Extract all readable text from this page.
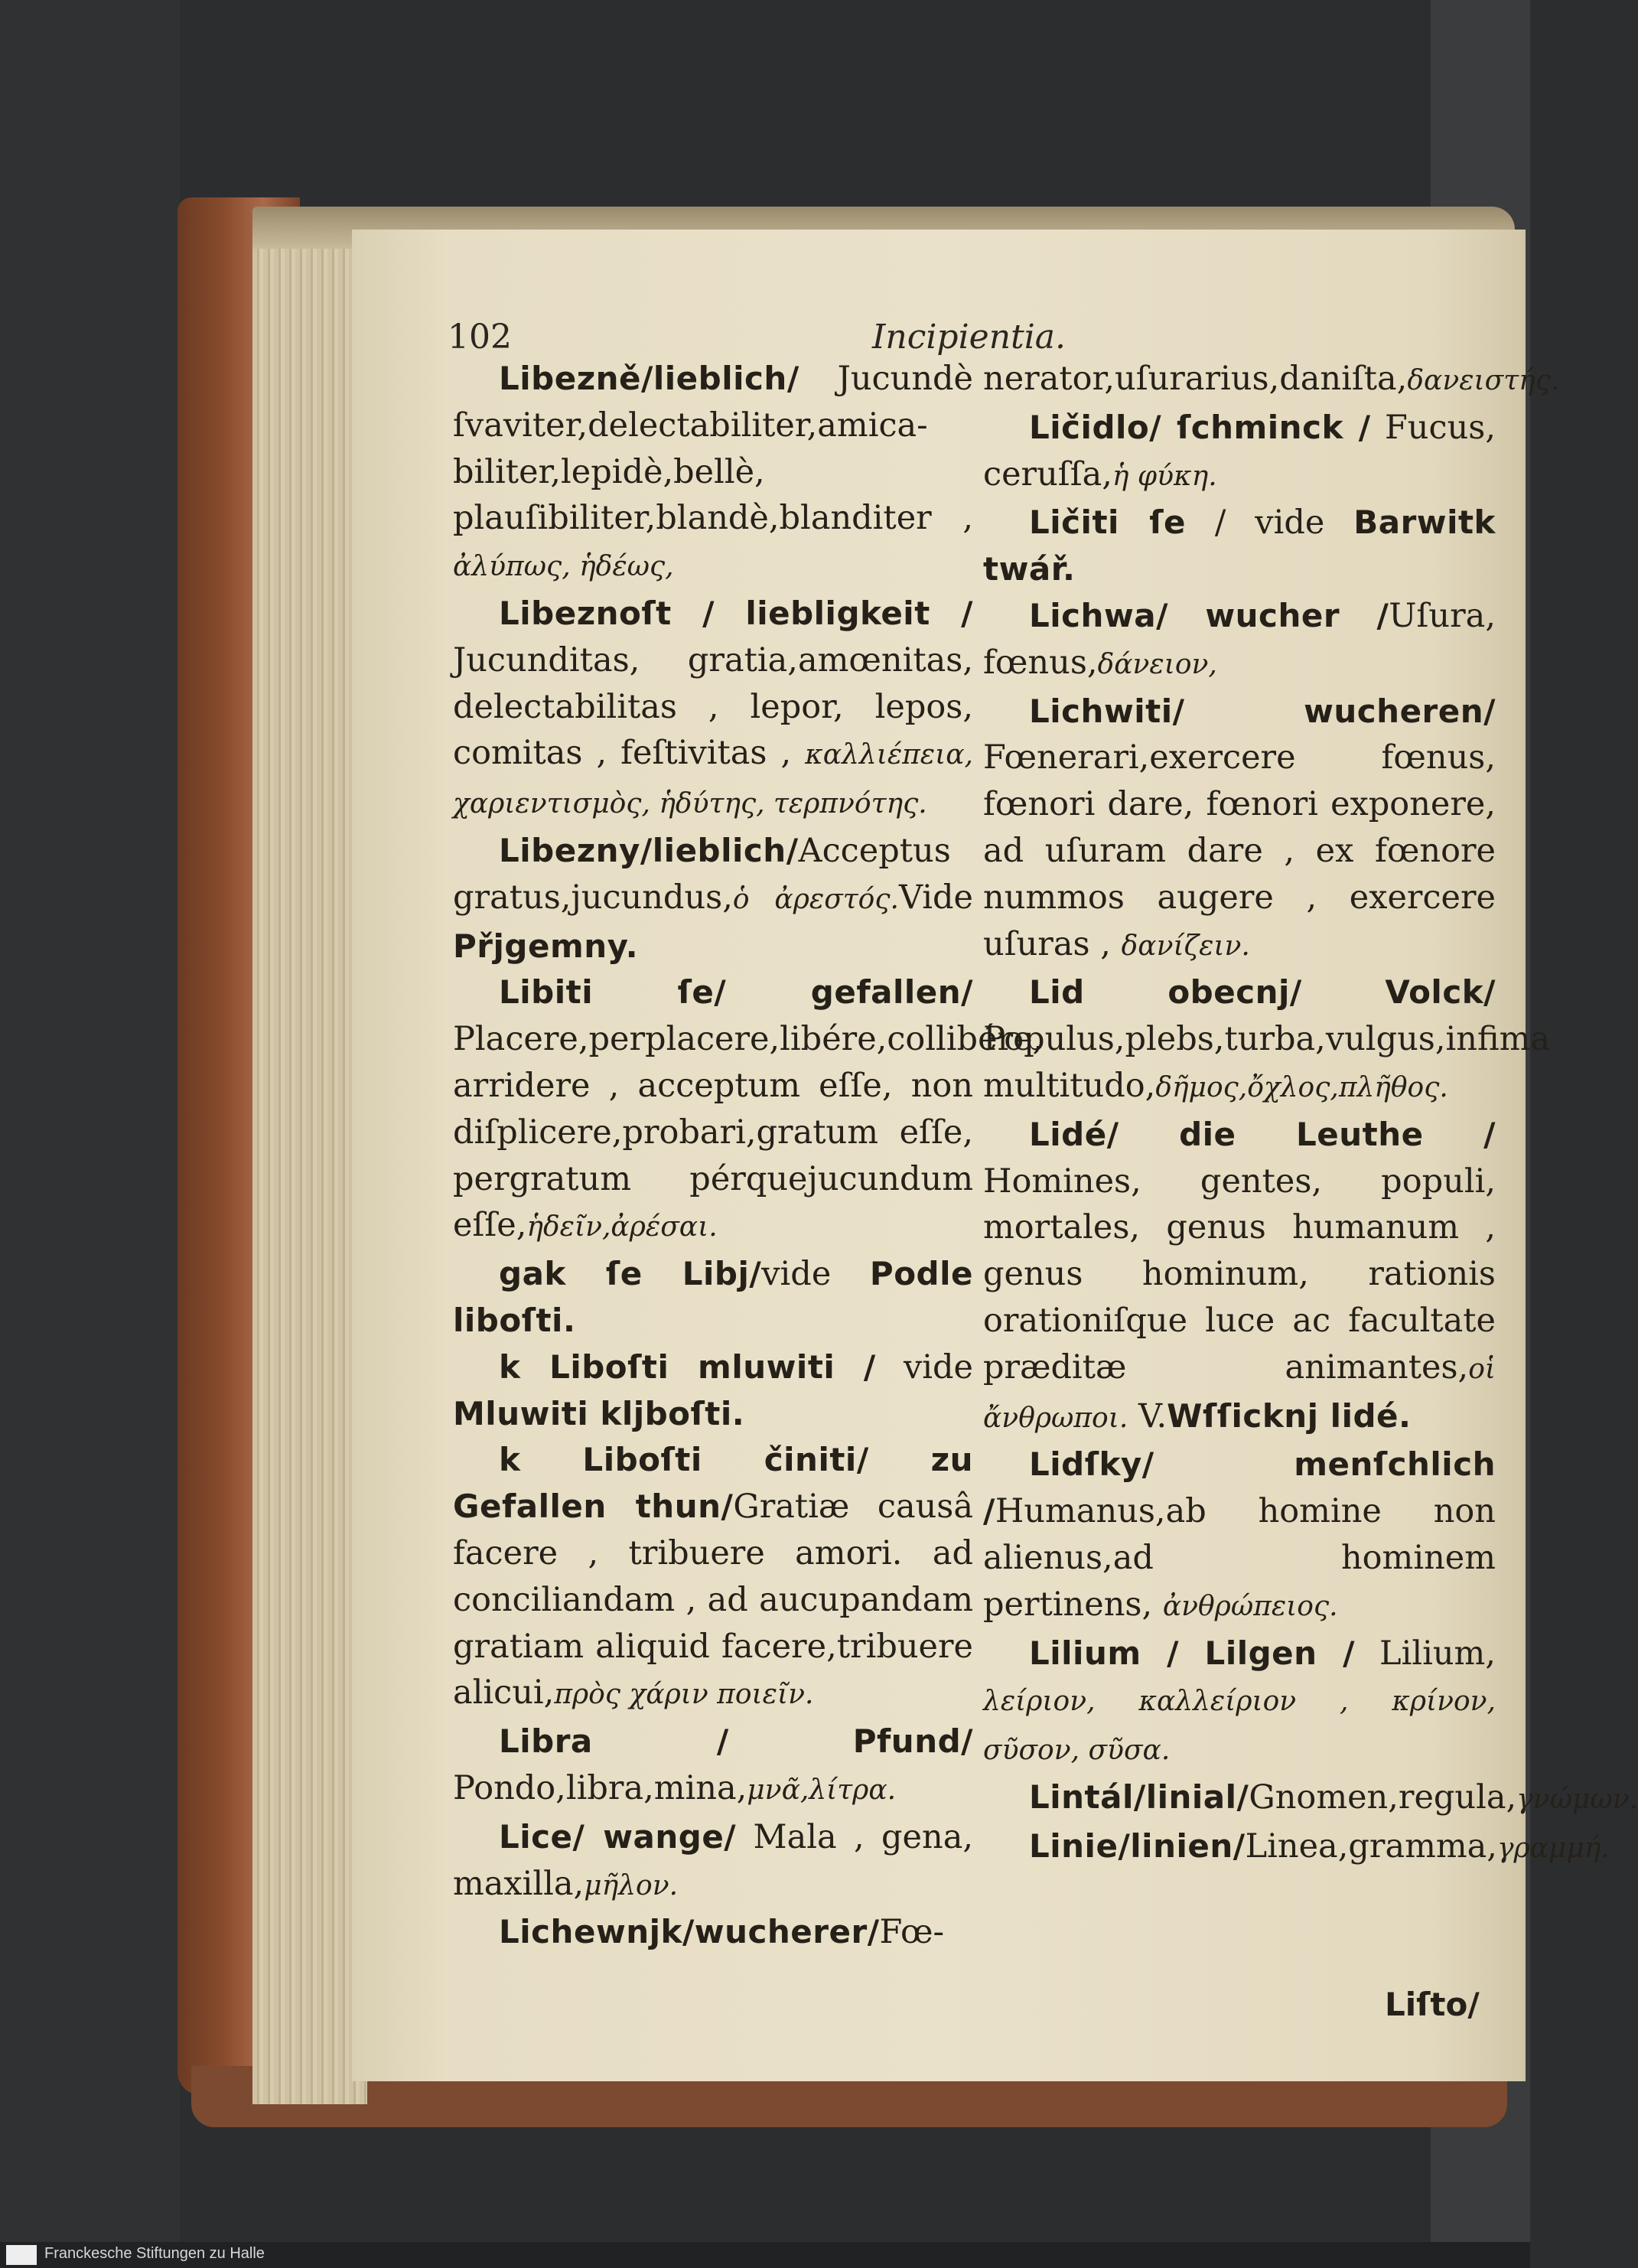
102	Incipientia.

Libezně/lieblich/ Jucundè ſvaviter,delectabiliter,amica-biliter,lepidè,bellè, plauſibiliter,blandè,blanditer , ἀλύπως, ἡδέως,

Libeznoſt / liebligkeit / Jucunditas, gratia,amœnitas, delectabilitas , lepor, lepos, comitas , feſtivitas , καλλιέπεια, χαριεντισμὸς, ἡδύτης, τερπνότης.

Libezny/lieblich/Acceptus gratus,jucundus,ὁ ἀρεστός.Vide Přjgemny.

Libiti ſe/ gefallen/ Placere,perplacere,libére,collibére, arridere , acceptum eſſe, non diſplicere,probari,gratum eſſe, pergratum pérquejucundum eſſe,ἡδεῖν,ἀρέσαι.

gak ſe Libj/vide Podle liboſti.

k Liboſti mluwiti / vide Mluwiti kljboſti.

k Liboſti činiti/ zu Gefallen thun/Gratiæ causâ facere , tribuere amori. ad conciliandam , ad aucupandam gratiam aliquid facere,tribuere alicui,πρὸς χάριν ποιεῖν.

Libra / Pfund/ Pondo,libra,mina,μνᾶ,λίτρα.

Lice/ wange/ Mala , gena, maxilla,μῆλον.

Lichewnjk/wucherer/Fœ-

nerator,uſurarius,daniſta,δανειστής.

Ličidlo/ ſchminck / Fucus, ceruſſa,ἡ φύκη.

Ličiti ſe / vide Barwitk twář.

Lichwa/ wucher /Uſura, fœnus,δάνειον,

Lichwiti/ wucheren/ Fœnerari,exercere fœnus, fœnori dare, fœnori exponere, ad uſuram dare , ex fœnore nummos augere , exercere uſuras , δανίζειν.

Lid obecnj/ Volck/ Populus,plebs,turba,vulgus,infima multitudo,δῆμος,ὄχλος,πλῆθος.

Lidé/ die Leuthe / Homines, gentes, populi, mortales, genus humanum , genus hominum, rationis orationiſque luce ac facultate præditæ animantes,οἱ ἄνθρωποι. V.Wſſicknj lidé.

Lidſky/ menſchlich /Humanus,ab homine non alienus,ad hominem pertinens, ἀνθρώπειος.

Lilium / Lilgen / Lilium, λείριον, καλλείριον , κρίνον, σῦσον, σῦσα.

Lintál/linial/Gnomen,regula,γνώμων.

Linie/linien/Linea,gramma,γραμμή.

Liſto/
Franckesche Stiftungen zu Halle
